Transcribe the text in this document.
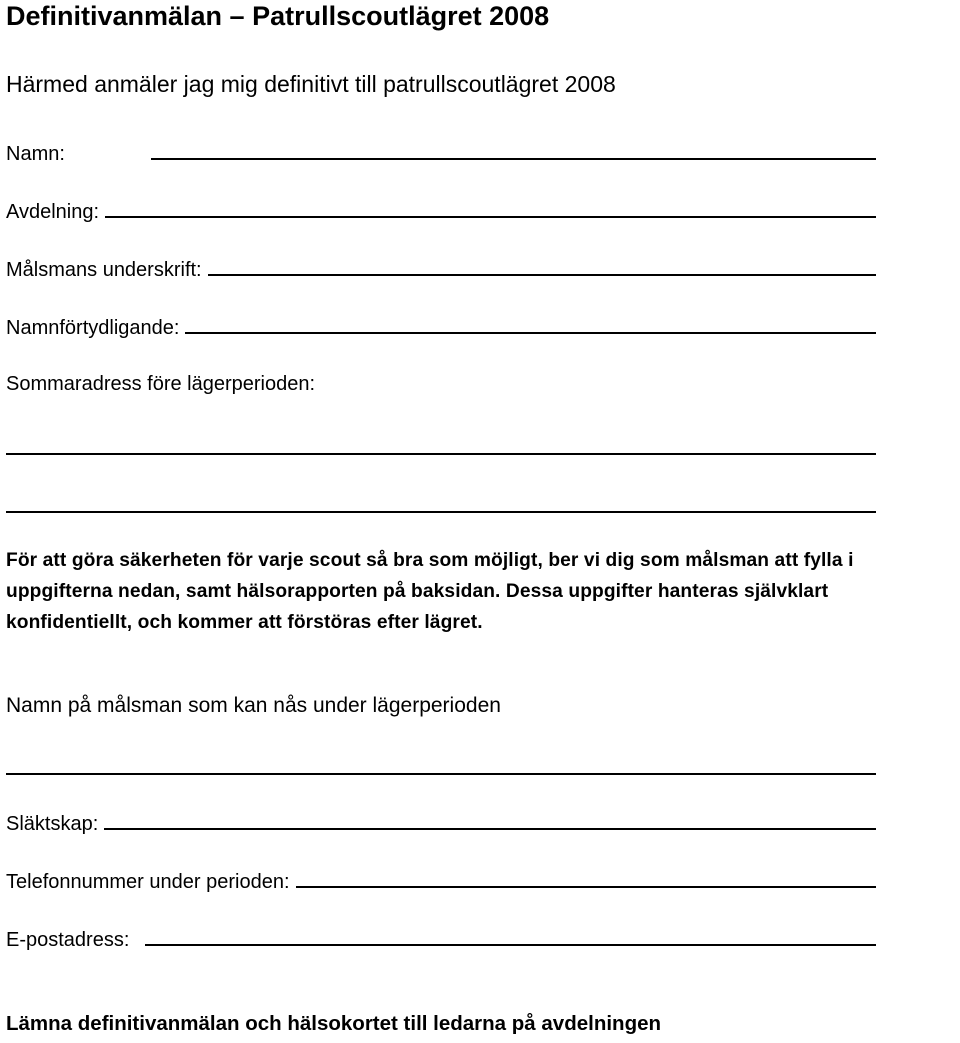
Definitivanmälan – Patrullscoutlägret 2008
Härmed anmäler jag mig definitivt till patrullscoutlägret 2008
Namn:
Avdelning:
Målsmans underskrift:
Namnförtydligande:
Sommaradress före lägerperioden:
För att göra säkerheten för varje scout så bra som möjligt, ber vi dig som målsman att fylla i uppgifterna nedan, samt hälsorapporten på baksidan. Dessa uppgifter hanteras självklart konfidentiellt, och kommer att förstöras efter lägret.
Namn på målsman som kan nås under lägerperioden
Släktskap:
Telefonnummer under perioden:
E-postadress:
Lämna definitivanmälan och hälsokortet till ledarna på avdelningen
